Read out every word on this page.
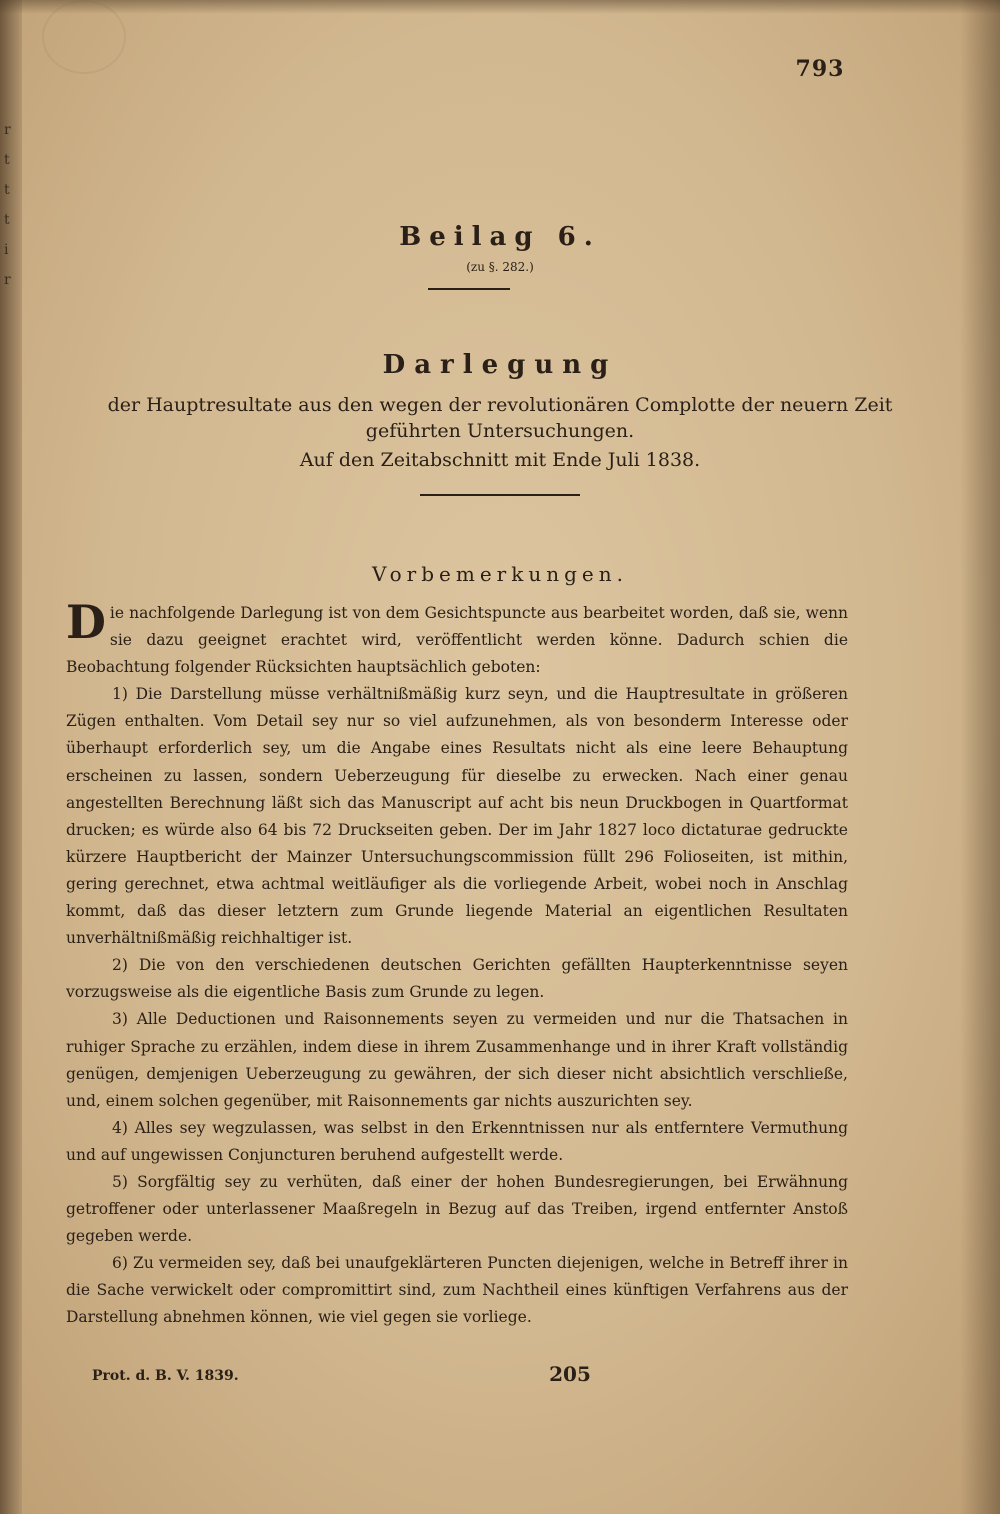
r
t
t
t
i
r
793
Beilag 6.
(zu §. 282.)
Darlegung
der Hauptresultate aus den wegen der revolutionären Complotte der neuern Zeit
geführten Untersuchungen.
Auf den Zeitabschnitt mit Ende Juli 1838.
Vorbemerkungen.

Die nachfolgende Darlegung ist von dem Gesichtspuncte aus bearbeitet worden, daß sie, wenn sie dazu geeignet erachtet wird, veröffentlicht werden könne. Dadurch schien die Beobachtung folgender Rücksichten hauptsächlich geboten:

1) Die Darstellung müsse verhältnißmäßig kurz seyn, und die Hauptresultate in größeren Zügen enthalten. Vom Detail sey nur so viel aufzunehmen, als von besonderm Interesse oder überhaupt erforderlich sey, um die Angabe eines Resultats nicht als eine leere Behauptung erscheinen zu lassen, sondern Ueberzeugung für dieselbe zu erwecken. Nach einer genau angestellten Berechnung läßt sich das Manuscript auf acht bis neun Druckbogen in Quartformat drucken; es würde also 64 bis 72 Druckseiten geben. Der im Jahr 1827 loco dictaturae gedruckte kürzere Hauptbericht der Mainzer Untersuchungscommission füllt 296 Folioseiten, ist mithin, gering gerechnet, etwa achtmal weitläufiger als die vorliegende Arbeit, wobei noch in Anschlag kommt, daß das dieser letztern zum Grunde liegende Material an eigentlichen Resultaten unverhältnißmäßig reichhaltiger ist.

2) Die von den verschiedenen deutschen Gerichten gefällten Haupterkenntnisse seyen vorzugsweise als die eigentliche Basis zum Grunde zu legen.

3) Alle Deductionen und Raisonnements seyen zu vermeiden und nur die Thatsachen in ruhiger Sprache zu erzählen, indem diese in ihrem Zusammenhange und in ihrer Kraft vollständig genügen, demjenigen Ueberzeugung zu gewähren, der sich dieser nicht absichtlich verschließe, und, einem solchen gegenüber, mit Raisonnements gar nichts auszurichten sey.

4) Alles sey wegzulassen, was selbst in den Erkenntnissen nur als entferntere Vermuthung und auf ungewissen Conjuncturen beruhend aufgestellt werde.

5) Sorgfältig sey zu verhüten, daß einer der hohen Bundesregierungen, bei Erwähnung getroffener oder unterlassener Maaßregeln in Bezug auf das Treiben, irgend entfernter Anstoß gegeben werde.

6) Zu vermeiden sey, daß bei unaufgeklärteren Puncten diejenigen, welche in Betreff ihrer in die Sache verwickelt oder compromittirt sind, zum Nachtheil eines künftigen Verfahrens aus der Darstellung abnehmen können, wie viel gegen sie vorliege.

Prot. d. B. V. 1839.	205
